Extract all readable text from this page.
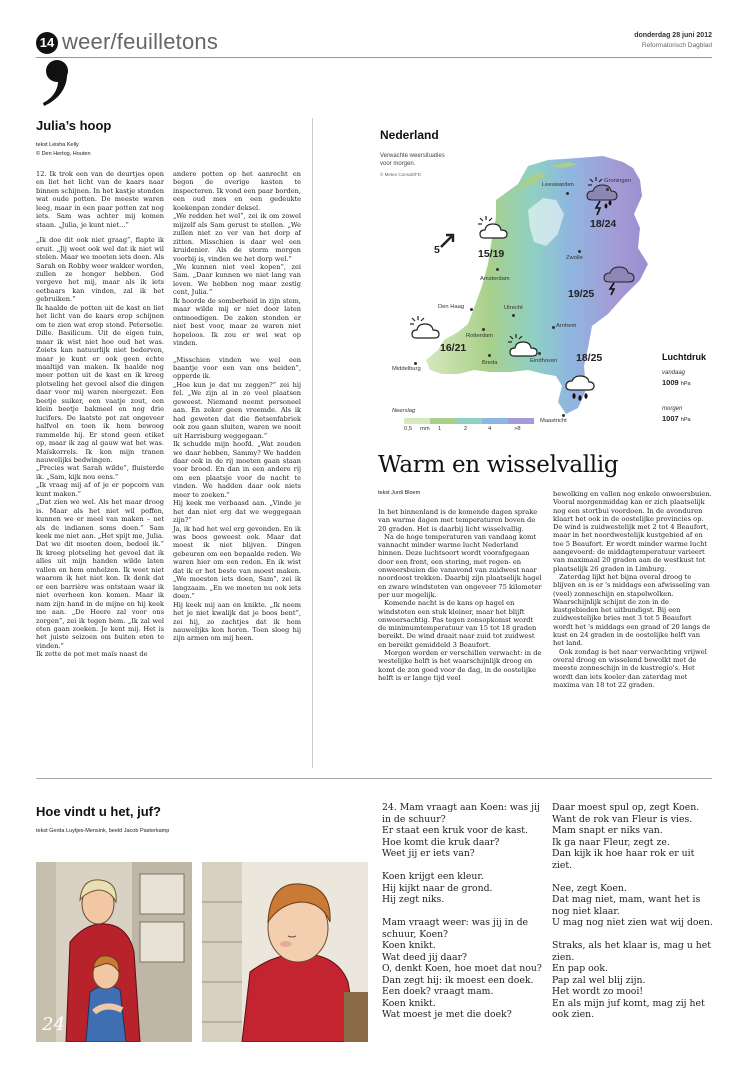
14 weer/feuilletons	donderdag 28 juni 2012
Reformatorisch Dagblad
Julia’s hoop
tekst Leisha Kelly
© Den Hertog, Houten

12. Ik trok een van de deurtjes open en liet het licht van de kaars naar binnen schijnen. In het kastje stonden wat oude potten. De meeste waren leeg, maar in een paar potten zat nog iets. Sam was achter mij komen staan. „Julia, je kunt niet...”

„Ik doe dit ook niet graag”, flapte ik eruit. „Jij weet ook wel dat ik niet wil stelen. Maar we moeten iets doen. Als Sarah en Robby weer wakker worden, zullen ze honger hebben. God vergeve het mij, maar als ik iets eetbaars kan vinden, zal ik het gebruiken.”

Ik haalde de potten uit de kast en liet het licht van de kaars erop schijnen om te zien wat erop stond. Peterselie. Dille. Basilicum. Uit de eigen tuin, maar ik wist niet hoe oud het was. Zoiets kan natuurlijk niet bederven, maar je kunt er ook geen echte maaltijd van maken. Ik haalde nog meer potten uit de kast en ik kreeg plotseling het gevoel alsof die dingen daar voor mij waren neergezet. Een beetje suiker, een vaatje zout, een klein beetje bakmeel en nog drie lucifers. De laatste pot zat ongeveer halfvol en toen ik hem bewoog rammelde hij. Er stond geen etiket op, maar ik zag al gauw wat het was. Maïskorrels. Ik kon mijn tranen nauwelijks bedwingen.

„Precies wat Sarah wilde”, fluisterde ik. „Sam, kijk nou eens.”

„Ik vraag mij af of je er popcorn van kunt maken.”

„Dat zien we wel. Als het maar droog is. Maar als het niet wil poffen, kunnen we er meel van maken – net als de indianen soms doen.” Sam keek me niet aan. „Het spijt me, Julia. Dat we dit moeten doen, bedoel ik.” Ik kreeg plotseling het gevoel dat ik alles uit mijn handen wilde laten vallen en hem omhelzen. Ik weet niet waarom ik het niet kon. Ik denk dat er een barrière was ontstaan waar ik niet overheen kon komen. Maar ik nam zijn hand in de mijne en hij keek me aan. „De Heere zal voor ons zorgen”, zei ik tegen hem. „Ik zal wel eten gaan zoeken. Je kent mij. Het is het juiste seizoen om buiten eten te vinden.”

Ik zette de pot met maïs naast de

andere potten op het aanrecht en begon de overige kasten te inspecteren. Ik vond een paar borden, een oud mes en een gedeukte koekenpan zonder deksel.

„We redden het wel”, zei ik om zowel mijzelf als Sam gerust te stellen. „We zullen niet zo ver van het dorp af zitten. Misschien is daar wel een kruidenier. Als de storm morgen voorbij is, vinden we het dorp wel.”

„We kunnen niet veel kopen”, zei Sam. „Daar kunnen we niet lang van leven. We hebben nog maar zestig cent, Julia.”

Ik hoorde de somberheid in zijn stem, maar wilde mij er niet door laten ontmoedigen. De zaken stonden er niet best voor, maar ze waren niet hopeloos. Ik zou er wel wat op vinden.

„Misschien vinden we wel een baantje voor een van ons beiden”, opperde ik.

„Hoe kun je dat nu zeggen?” zei hij fel. „We zijn al in zo veel plaatsen geweest. Niemand neemt personeel aan. En zeker geen vreemde. Als ik had geweten dat die fietsenfabriek ook zou gaan sluiten, waren we nooit uit Harrisburg weggegaan.”

Ik schudde mijn hoofd. „Wat zouden we daar hebben, Sammy? We hadden daar ook in de rij moeten gaan staan voor brood. En dan in een andere rij om een plaatsje voor de nacht te vinden. We hadden daar ook niets meer te zoeken.”

Hij keek me verbaasd aan. „Vinde je het dan niet erg dat we weggegaan zijn?”

Ja, ik had het wel erg gevonden. En ik was boos geweest ook. Maar dat moest ik niet blijven. Dingen gebeuren om een bepaalde reden. We waren hier om een reden. En ik wist dat ik er het beste van moest maken. „We moesten iets doen, Sam”, zei ik langzaam. „En we moeten nu ook iets doen.”

Hij keek mij aan en knikte. „Ik neem het je niet kwalijk dat je boos bent”, zei hij, zo zachtjes dat ik hem nauwelijks kon horen. Toen sloeg hij zijn armen om mij heen.

Nederland
Verwachte weersituaties
voor morgen.
© Meteo Consult/FD
5	15/19
18/24
19/25
16/21
18/25
Leeuwarden
Groningen
Zwolle
Amsterdam
Den Haag	Utrecht
Rotterdam
Arnhem
Middelburg
Breda	Eindhoven
Maastricht
Neerslag
0,5 mm 1	2	4	>8
Luchtdruk
vandaag
1009 hPa
morgen
1007 hPa
Warm en wisselvallig
tekst Jurdi Bloem

In het binnenland is de komende dagen sprake van warme dagen met temperaturen boven de 20 graden. Het is daarbij licht wisselvallig.

Na de hoge temperaturen van vandaag komt vannacht minder warme lucht Nederland binnen. Deze luchtsoort wordt voorafgegaan door een front, een storing, met regen- en onweersbuien die vanavond van zuidwest naar noordoost trekken. Daarbij zijn plaatselijk hagel en zware windstoten van ongeveer 75 kilometer per uur mogelijk.

Komende nacht is de kans op hagel en windstoten een stuk kleiner, maar het blijft onweersachtig. Pas tegen zonsopkomst wordt de minimumtemperatuur van 15 tot 18 graden bereikt. De wind draait naar zuid tot zuidwest en bereikt gemiddeld 3 Beaufort.

Morgen worden er verschillen verwacht: in de westelijke helft is het waarschijnlijk droog en komt de zon goed voor de dag, in de oostelijke helft is er lange tijd veel

bewolking en vallen nog enkele onweersbuien. Vooral morgenmiddag kan er zich plaatselijk nog een stortbui voordoen. In de avonduren klaart het ook in de oostelijke provincies op. De wind is zuidwestelijk met 2 tot 4 Beaufort, maar in het noordwestelijk kustgebied af en toe 5 Beaufort. Er wordt minder warme lucht aangevoerd: de middagtemperatuur varieert van maximaal 20 graden aan de westkust tot plaatselijk 26 graden in Limburg.

Zaterdag lijkt het bijna overal droog te blijven en is er 's middags een afwisseling van (veel) zonneschijn en stapelwolken. Waarschijnlijk schijnt de zon in de kustgebieden het uitbundigst. Bij een zuidwestelijke bries met 3 tot 5 Beaufort wordt het 's middags een graad of 20 langs de kust en 24 graden in de oostelijke helft van het land.

Ook zondag is het naar verwachting vrijwel overal droog en wisselend bewolkt met de meeste zonneschijn in de kustregio's. Het wordt dan iets koeler dan zaterdag met maxima van 18 tot 22 graden.

Hoe vindt u het, juf?
tekst Gerda Luytjes-Mensink, beeld Jacob Pasterkamp
24

24. Mam vraagt aan Koen: was jij in de schuur?
Er staat een kruk voor de kast.
Hoe komt die kruk daar?
Weet jij er iets van?

Koen krijgt een kleur.
Hij kijkt naar de grond.
Hij zegt niks.

Mam vraagt weer: was jij in de schuur, Koen?
Koen knikt.
Wat deed jij daar?
O, denkt Koen, hoe moet dat nou?
Dan zegt hij: ik moest een doek.
Een doek? vraagt mam.
Koen knikt.
Wat moest je met die doek?

Daar moest spul op, zegt Koen.
Want de rok van Fleur is vies.
Mam snapt er niks van.
Ik ga naar Fleur, zegt ze.
Dan kijk ik hoe haar rok er uit ziet.

Nee, zegt Koen.
Dat mag niet, mam, want het is nog niet klaar.
U mag nog niet zien wat wij doen.

Straks, als het klaar is, mag u het zien.
En pap ook.
Pap zal wel blij zijn.
Het wordt zo mooi!
En als mijn juf komt, mag zij het ook zien.
